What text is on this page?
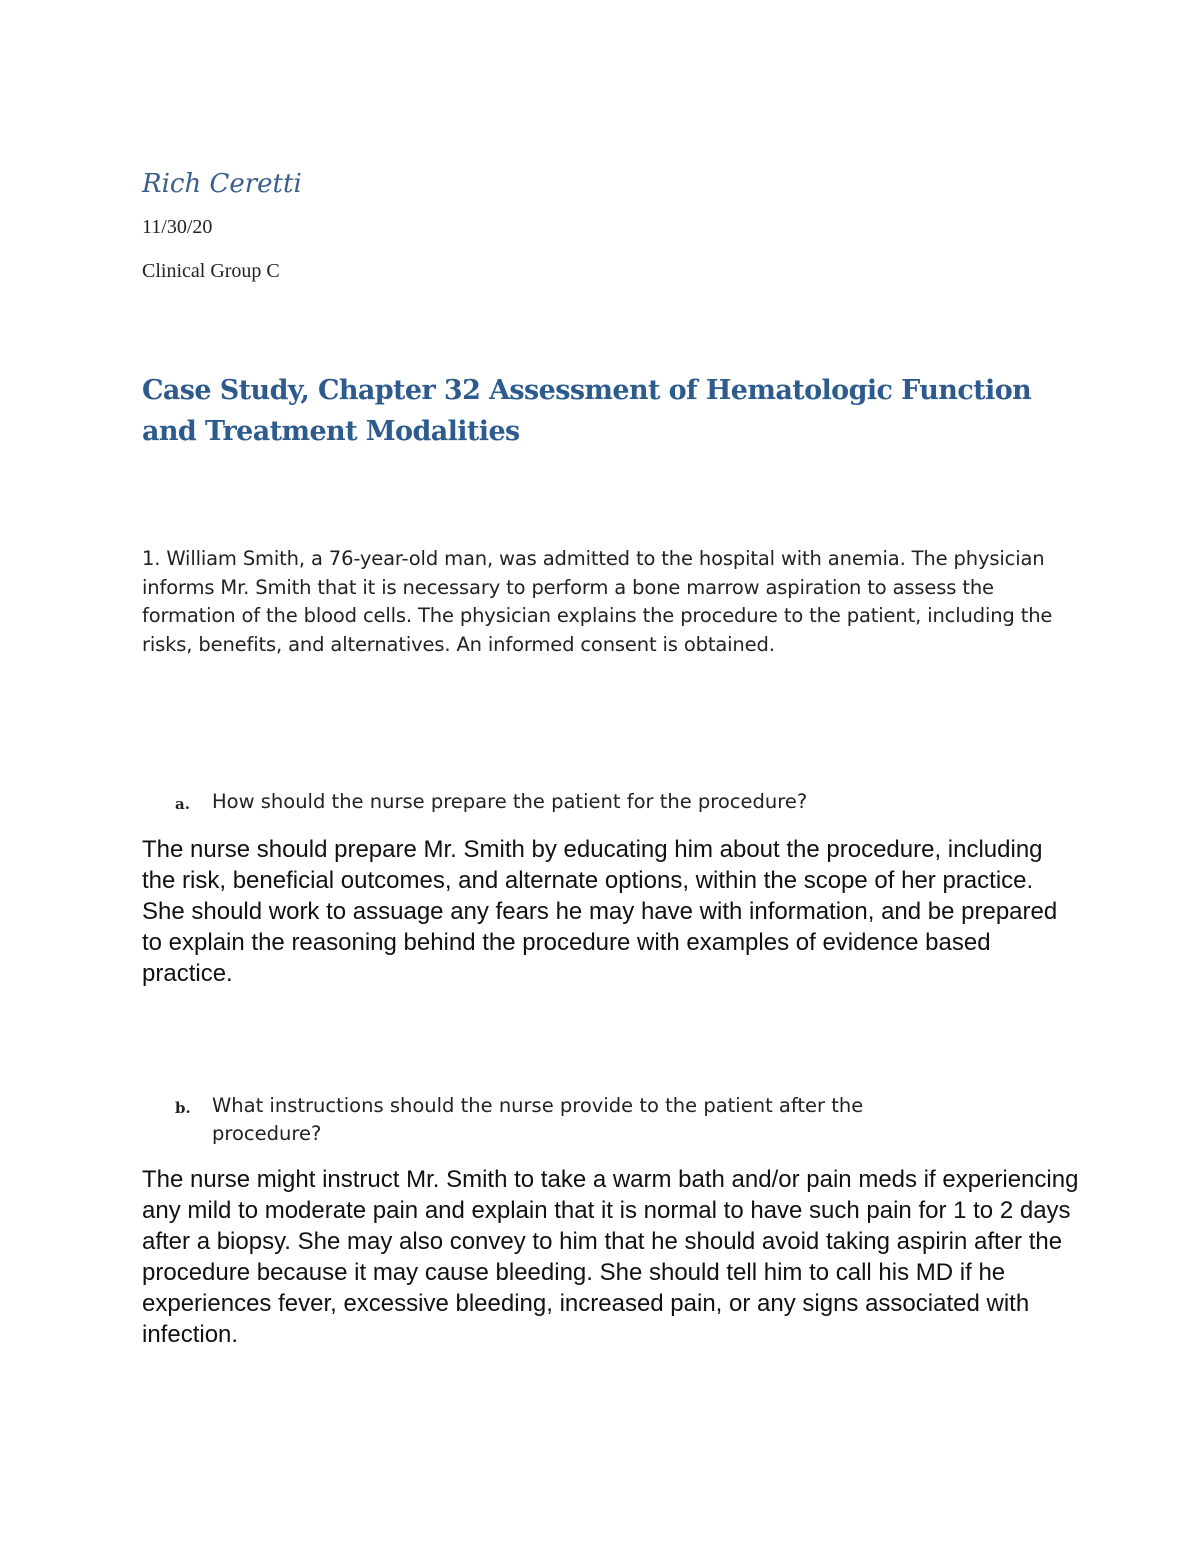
Rich Ceretti
11/30/20
Clinical Group C
Case Study, Chapter 32 Assessment of Hematologic Function and Treatment Modalities
1. William Smith, a 76-year-old man, was admitted to the hospital with anemia. The physician informs Mr. Smith that it is necessary to perform a bone marrow aspiration to assess the formation of the blood cells. The physician explains the procedure to the patient, including the risks, benefits, and alternatives. An informed consent is obtained.
a. How should the nurse prepare the patient for the procedure?
The nurse should prepare Mr. Smith by educating him about the procedure, including the risk, beneficial outcomes, and alternate options, within the scope of her practice. She should work to assuage any fears he may have with information, and be prepared to explain the reasoning behind the procedure with examples of evidence based practice.
b. What instructions should the nurse provide to the patient after the procedure?
The nurse might instruct Mr. Smith to take a warm bath and/or pain meds if experiencing any mild to moderate pain and explain that it is normal to have such pain for 1 to 2 days after a biopsy. She may also convey to him that he should avoid taking aspirin after the procedure because it may cause bleeding. She should tell him to call his MD if he experiences fever, excessive bleeding, increased pain, or any signs associated with infection.
